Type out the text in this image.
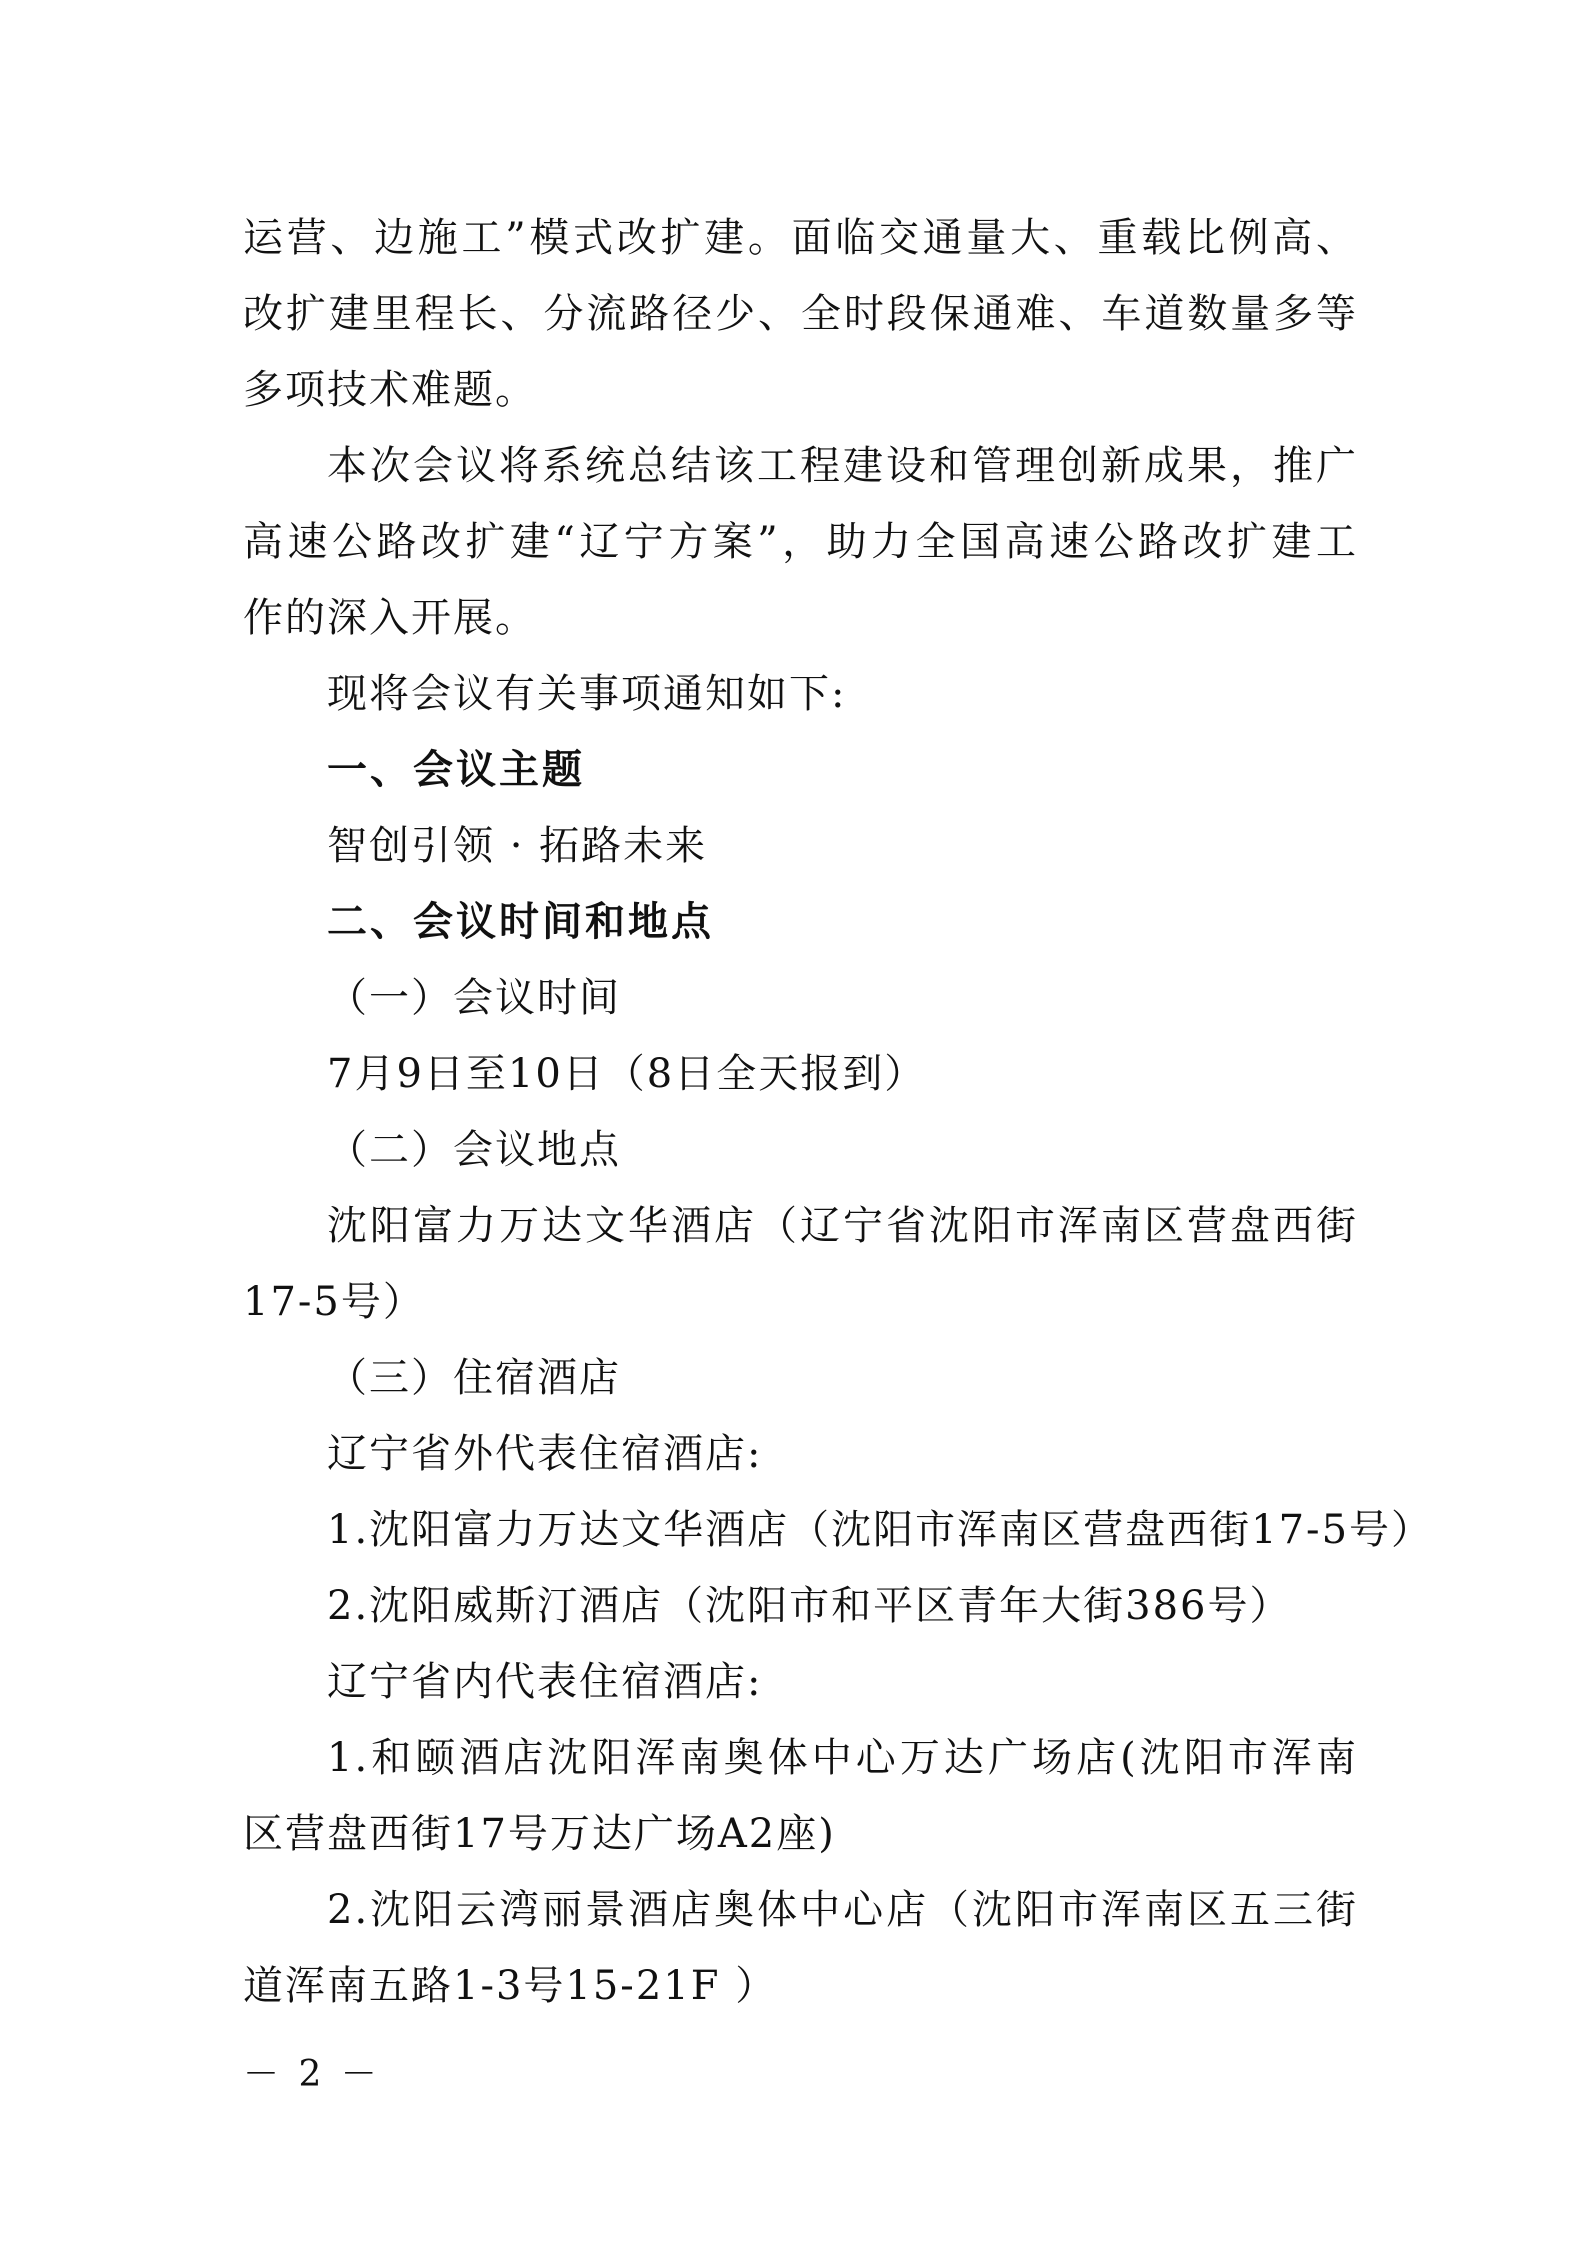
运营、边施工”模式改扩建。面临交通量大、重载比例高、
改扩建里程长、分流路径少、全时段保通难、车道数量多等
多项技术难题。
本次会议将系统总结该工程建设和管理创新成果，推广
高速公路改扩建“辽宁方案”，助力全国高速公路改扩建工
作的深入开展。
现将会议有关事项通知如下:
一、会议主题
智创引领 · 拓路未来
二、会议时间和地点
（一）会议时间
7月9日至10日（8日全天报到）
（二）会议地点
沈阳富力万达文华酒店（辽宁省沈阳市浑南区营盘西街
17-5号）
（三）住宿酒店
辽宁省外代表住宿酒店:
1.沈阳富力万达文华酒店（沈阳市浑南区营盘西街17-5号）
2.沈阳威斯汀酒店（沈阳市和平区青年大街386号）
辽宁省内代表住宿酒店:
1.和颐酒店沈阳浑南奥体中心万达广场店(沈阳市浑南
区营盘西街17号万达广场A2座)
2.沈阳云湾丽景酒店奥体中心店（沈阳市浑南区五三街
道浑南五路1-3号15-21F ）
－ 2 －
